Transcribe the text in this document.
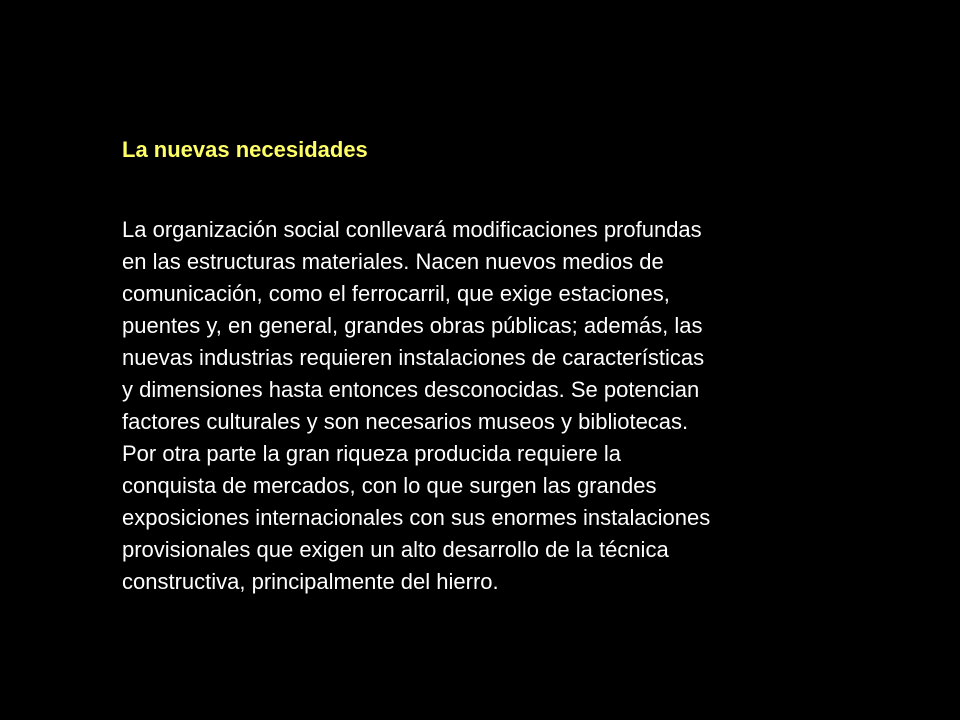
La nuevas necesidades
La organización social conllevará modificaciones profundas
en las estructuras materiales. Nacen nuevos medios de
comunicación, como el ferrocarril, que exige estaciones,
puentes y, en general, grandes obras públicas; además, las
nuevas industrias requieren instalaciones de características
y dimensiones hasta entonces desconocidas. Se potencian
factores culturales y son necesarios museos y bibliotecas.
Por otra parte la gran riqueza producida requiere la
conquista de mercados, con lo que surgen las grandes
exposiciones internacionales con sus enormes instalaciones
provisionales que exigen un alto desarrollo de la técnica
constructiva, principalmente del hierro.
